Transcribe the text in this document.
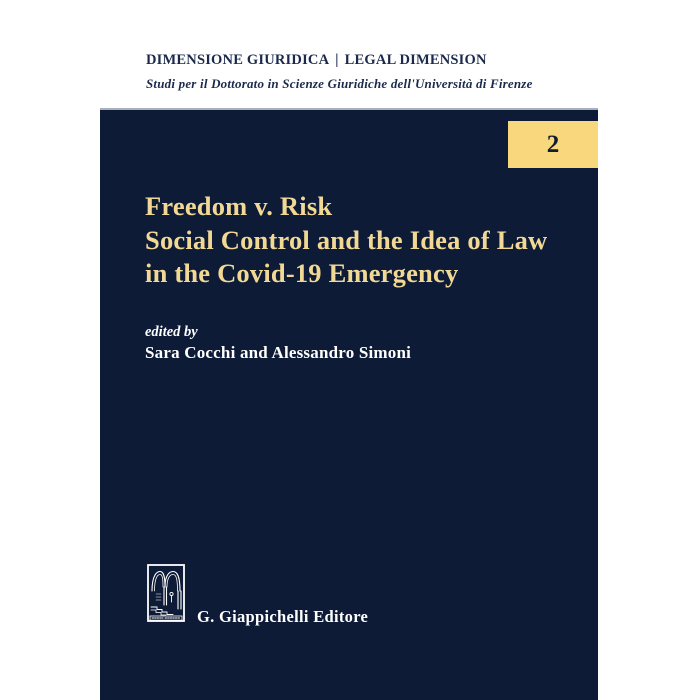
DIMENSIONE GIURIDICA | LEGAL DIMENSION
Studi per il Dottorato in Scienze Giuridiche dell'Università di Firenze
2
Freedom v. Risk
Social Control and the Idea of Law
in the Covid-19 Emergency
edited by
Sara Cocchi and Alessandro Simoni
G. Giappichelli Editore
